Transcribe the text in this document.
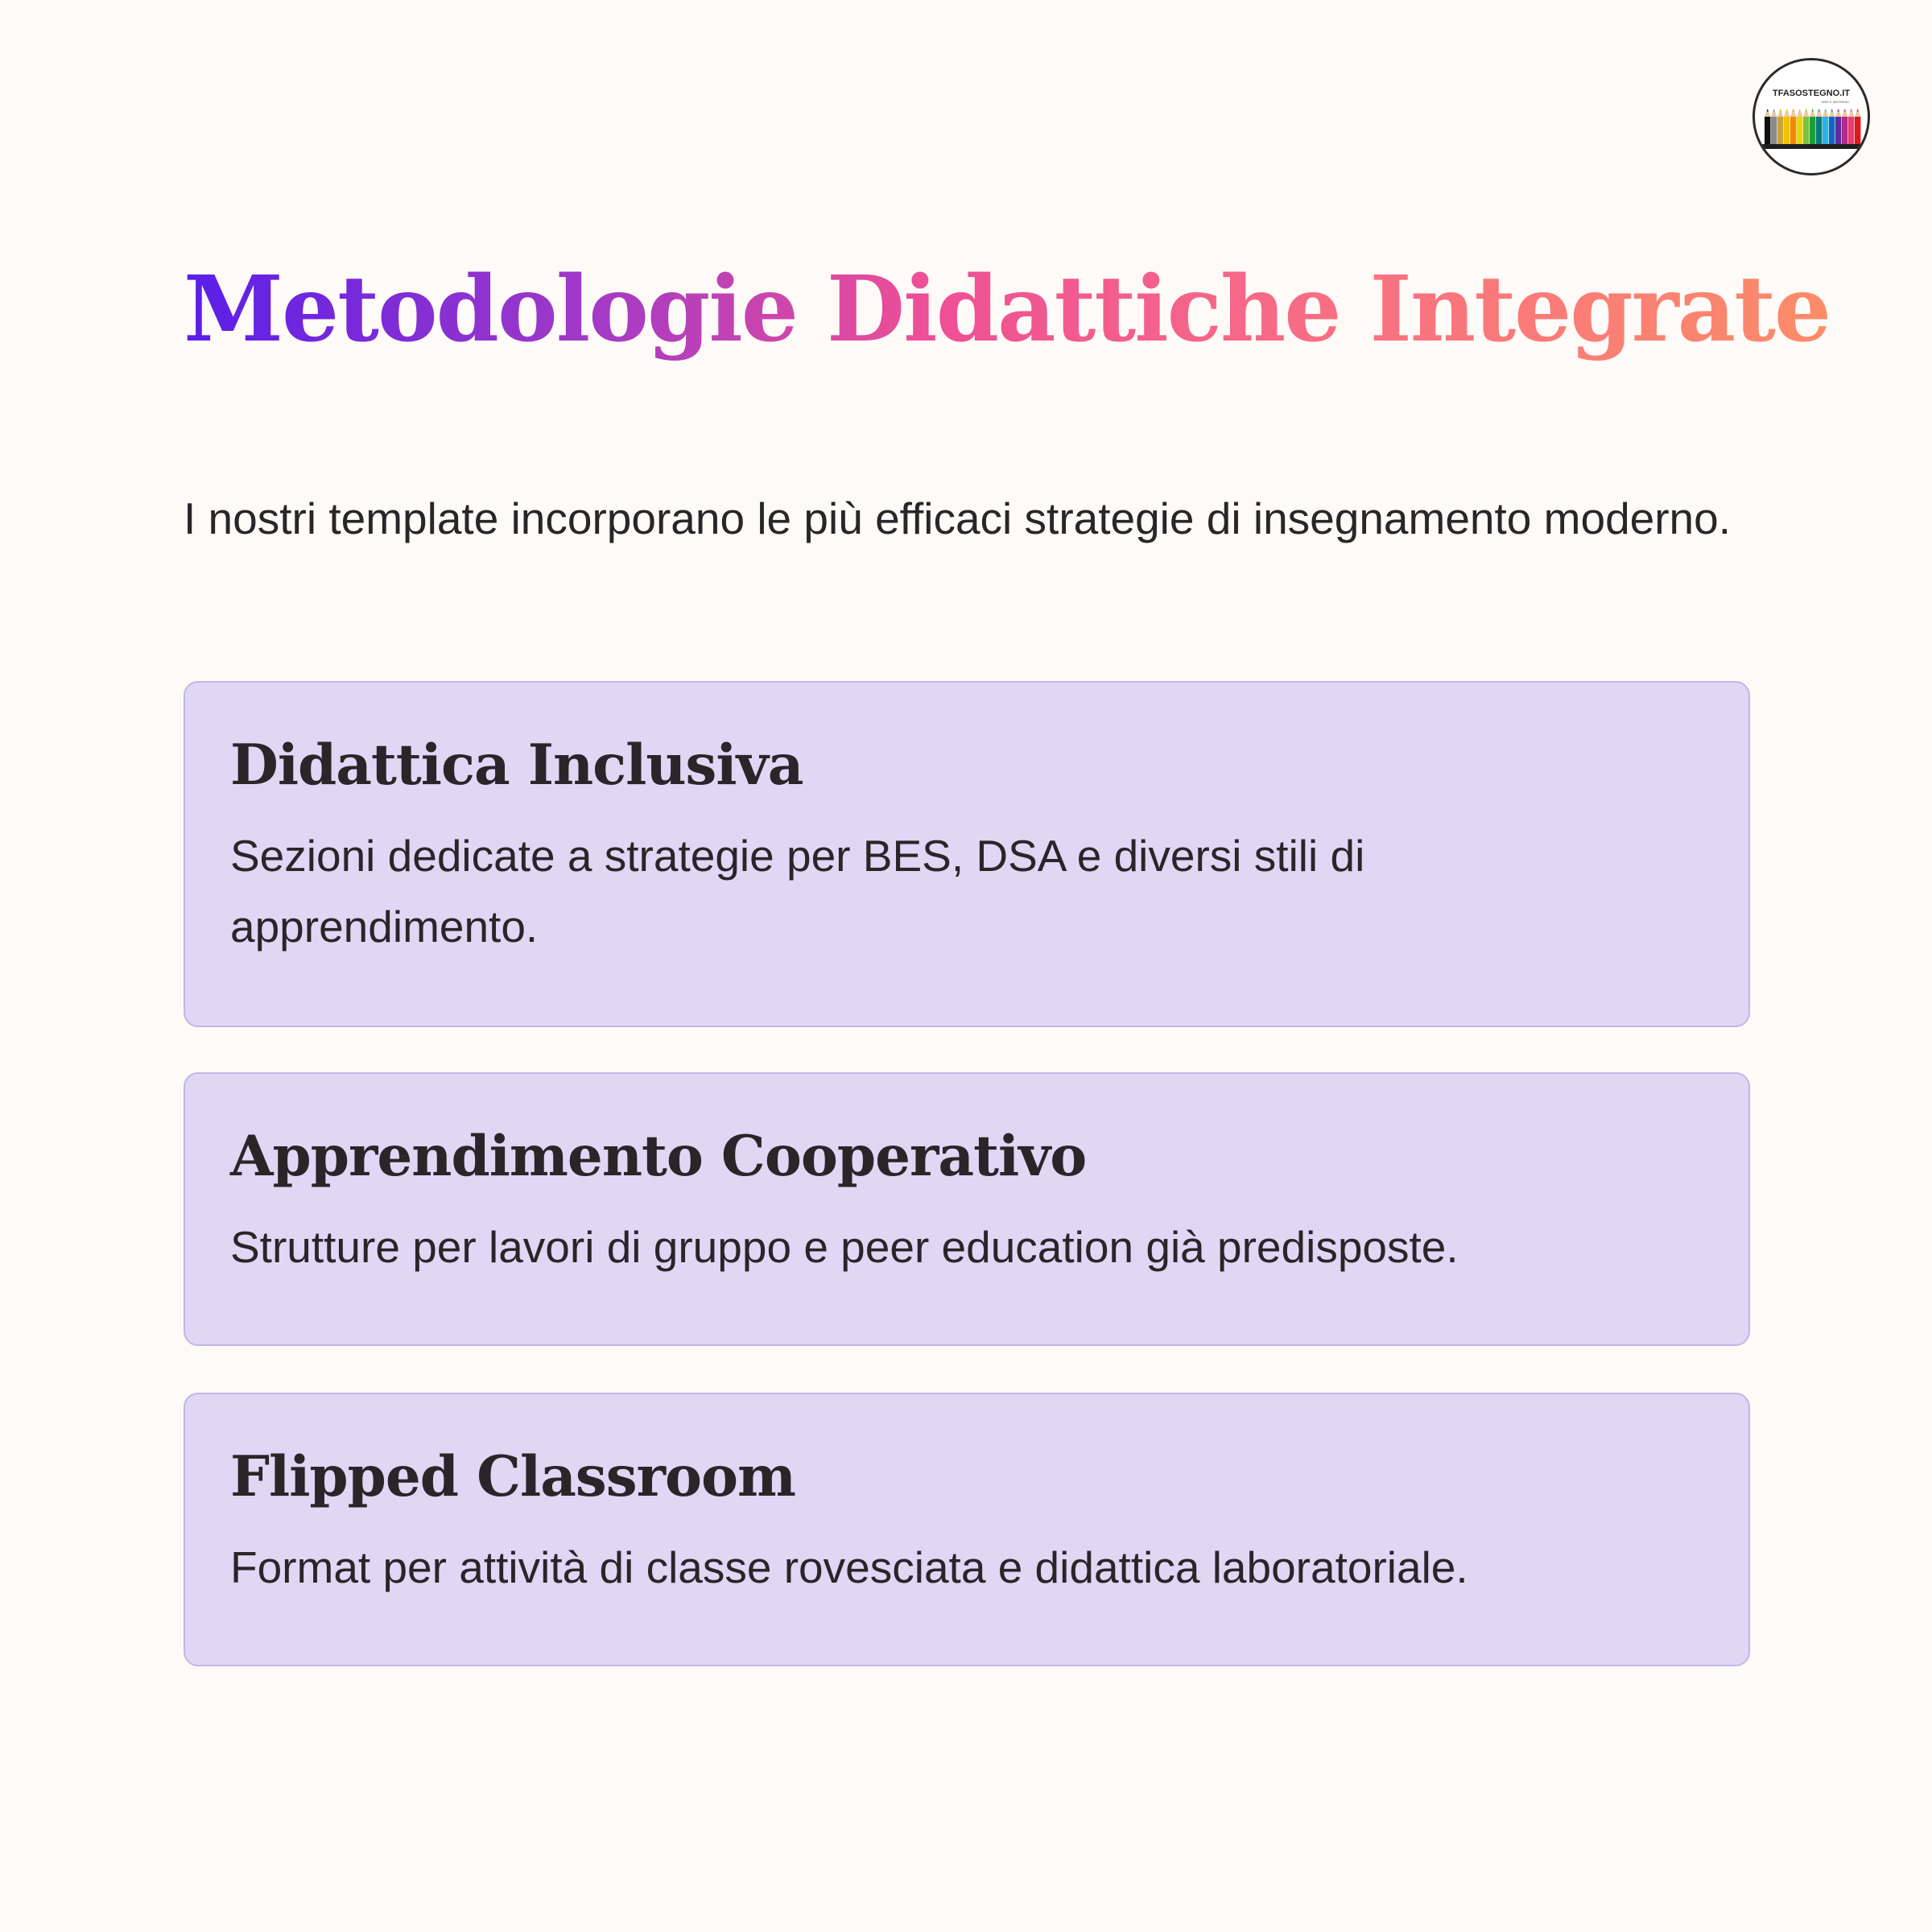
TFASOSTEGNO.IT
IDEE E MATERIALI
Metodologie Didattiche Integrate

I nostri template incorporano le più efficaci strategie di insegnamento moderno.

Didattica Inclusiva

Sezioni dedicate a strategie per BES, DSA e diversi stili di apprendimento.

Apprendimento Cooperativo

Strutture per lavori di gruppo e peer education già predisposte.

Flipped Classroom

Format per attività di classe rovesciata e didattica laboratoriale.
